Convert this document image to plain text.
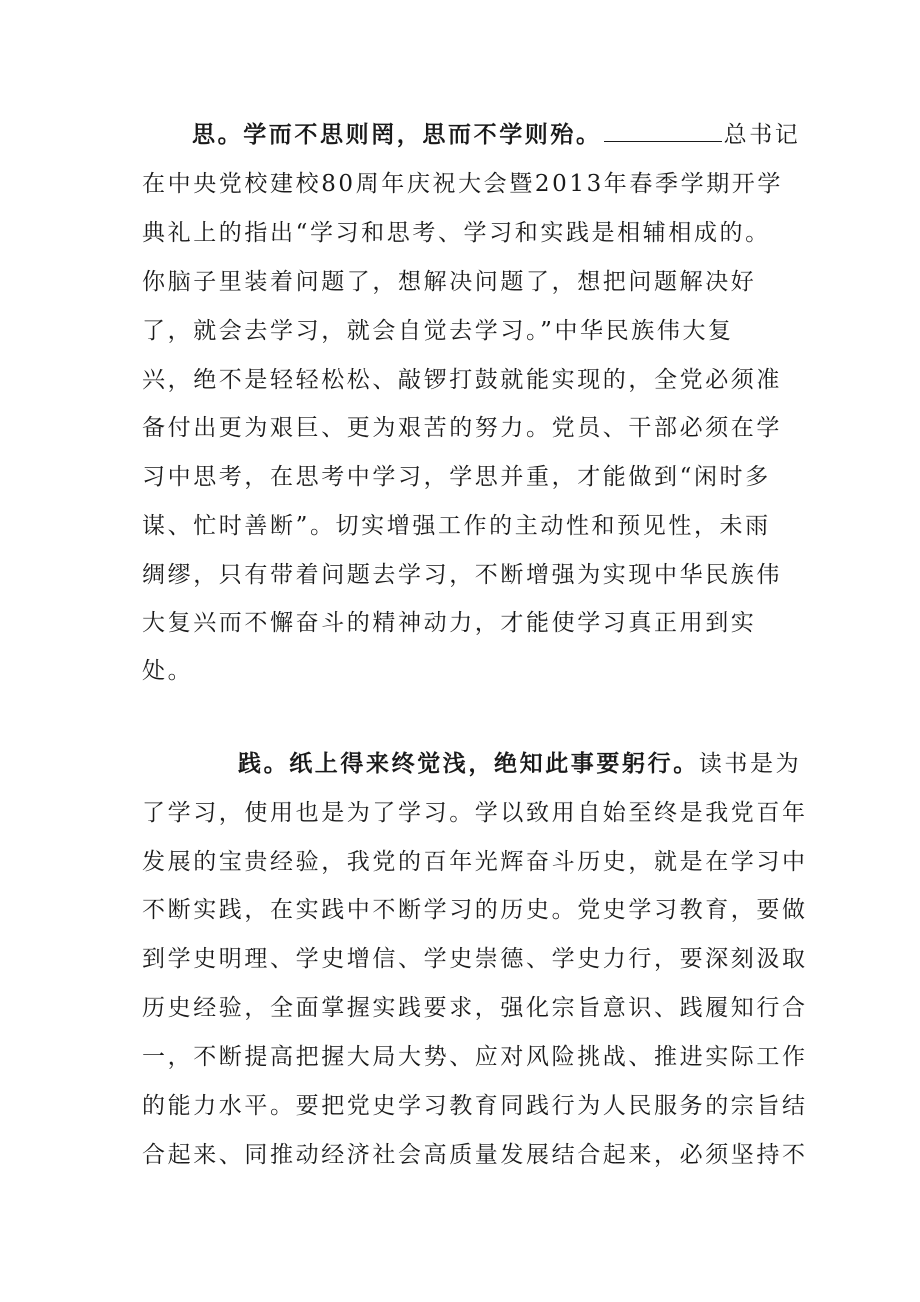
思。学而不思则罔，思而不学则殆。	总书记
在中央党校建校80周年庆祝大会暨2013年春季学期开学
典礼上的指出“学习和思考、学习和实践是相辅相成的。
你脑子里装着问题了，想解决问题了，想把问题解决好
了，就会去学习，就会自觉去学习。”中华民族伟大复
兴，绝不是轻轻松松、敲锣打鼓就能实现的，全党必须准
备付出更为艰巨、更为艰苦的努力。党员、干部必须在学
习中思考，在思考中学习，学思并重，才能做到“闲时多
谋、忙时善断”。切实增强工作的主动性和预见性，未雨
绸缪，只有带着问题去学习，不断增强为实现中华民族伟
大复兴而不懈奋斗的精神动力，才能使学习真正用到实
处。
践。纸上得来终觉浅，绝知此事要躬行。读书是为
了学习，使用也是为了学习。学以致用自始至终是我党百年
发展的宝贵经验，我党的百年光辉奋斗历史，就是在学习中
不断实践，在实践中不断学习的历史。党史学习教育，要做
到学史明理、学史增信、学史崇德、学史力行，要深刻汲取
历史经验，全面掌握实践要求，强化宗旨意识、践履知行合
一，不断提高把握大局大势、应对风险挑战、推进实际工作
的能力水平。要把党史学习教育同践行为人民服务的宗旨结
合起来、同推动经济社会高质量发展结合起来，必须坚持不
